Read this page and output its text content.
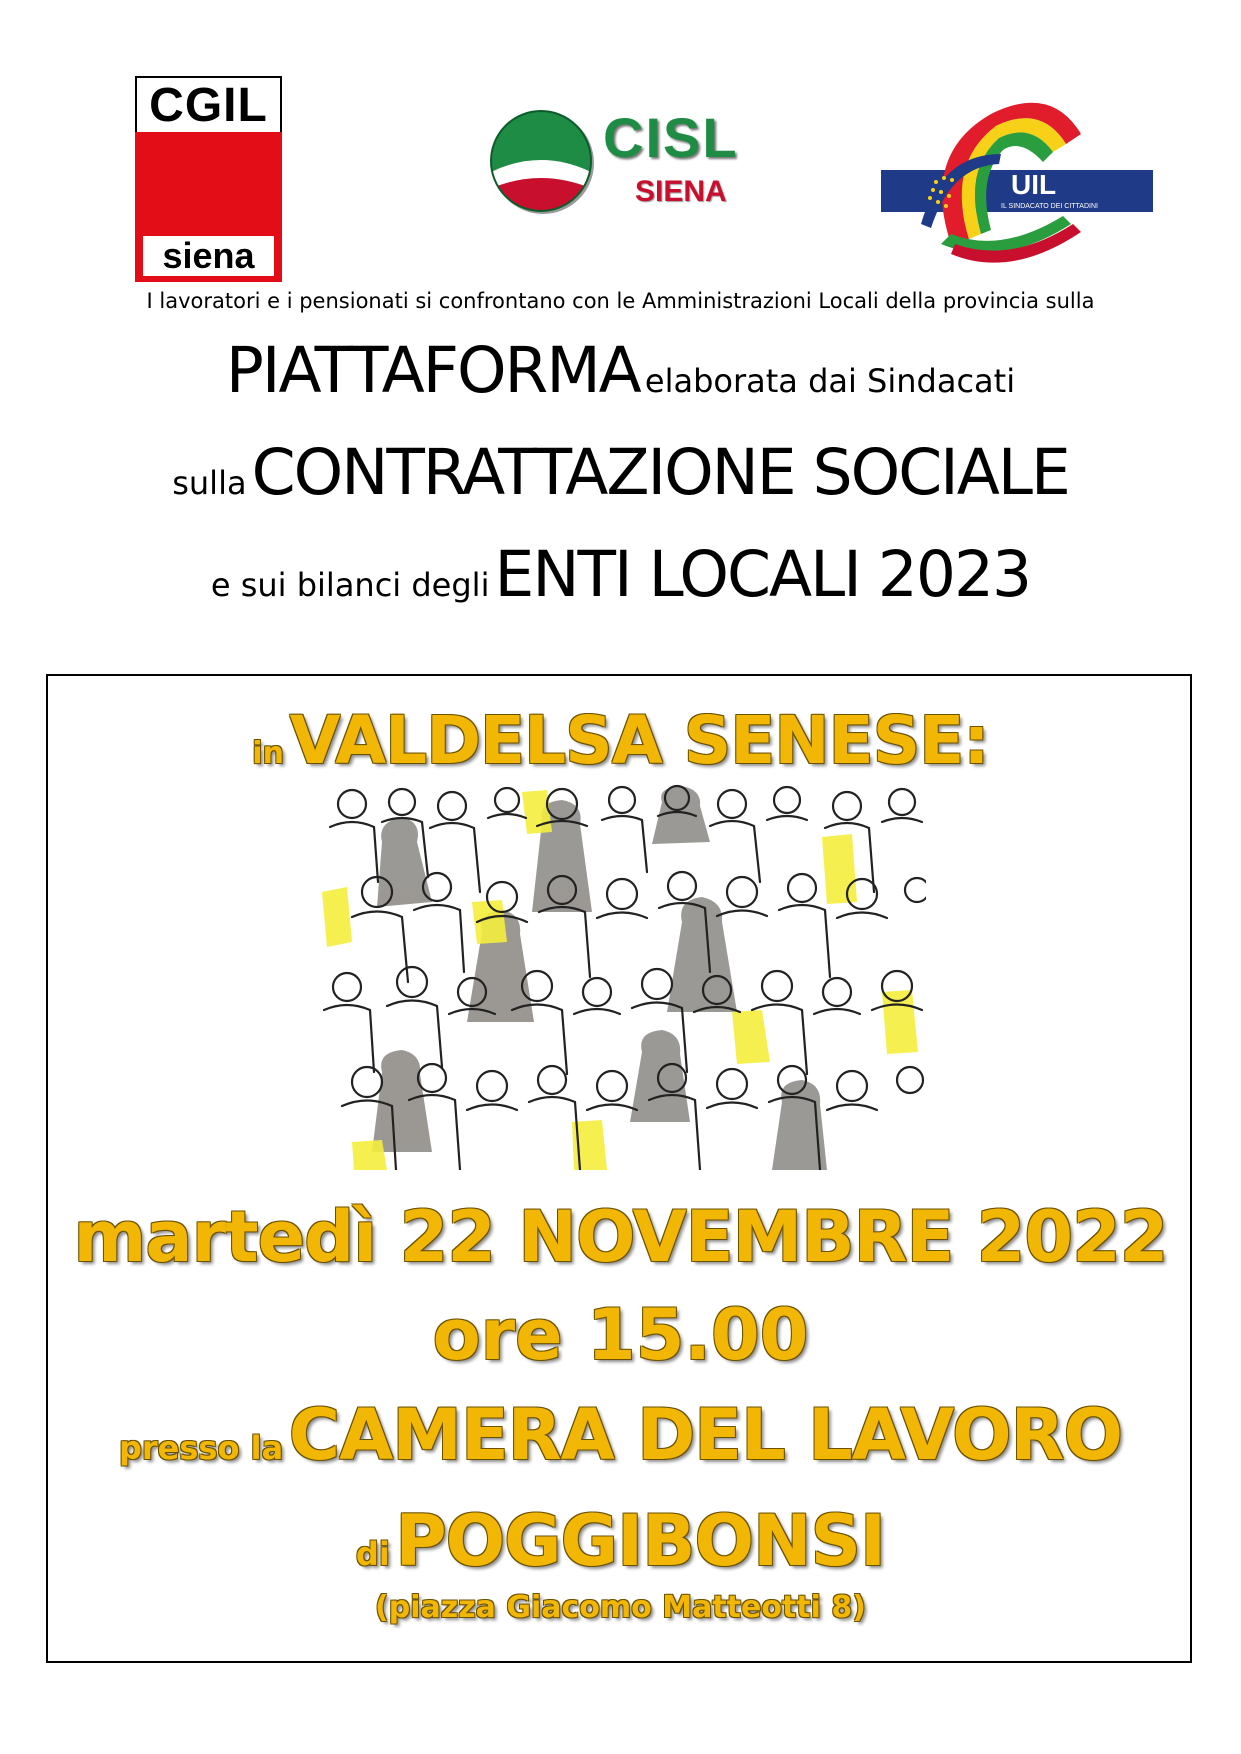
CGIL
siena
CISL
SIENA	UIL
IL SINDACATO DEI CITTADINI
I lavoratori e i pensionati si confrontano con le Amministrazioni Locali della provincia sulla
PIATTAFORMA elaborata dai Sindacati
sulla CONTRATTAZIONE SOCIALE
e sui bilanci degli ENTI LOCALI 2023
in VALDELSA SENESE:
martedì 22 NOVEMBRE 2022
ore 15.00
presso la CAMERA DEL LAVORO
di POGGIBONSI
(piazza Giacomo Matteotti 8)
